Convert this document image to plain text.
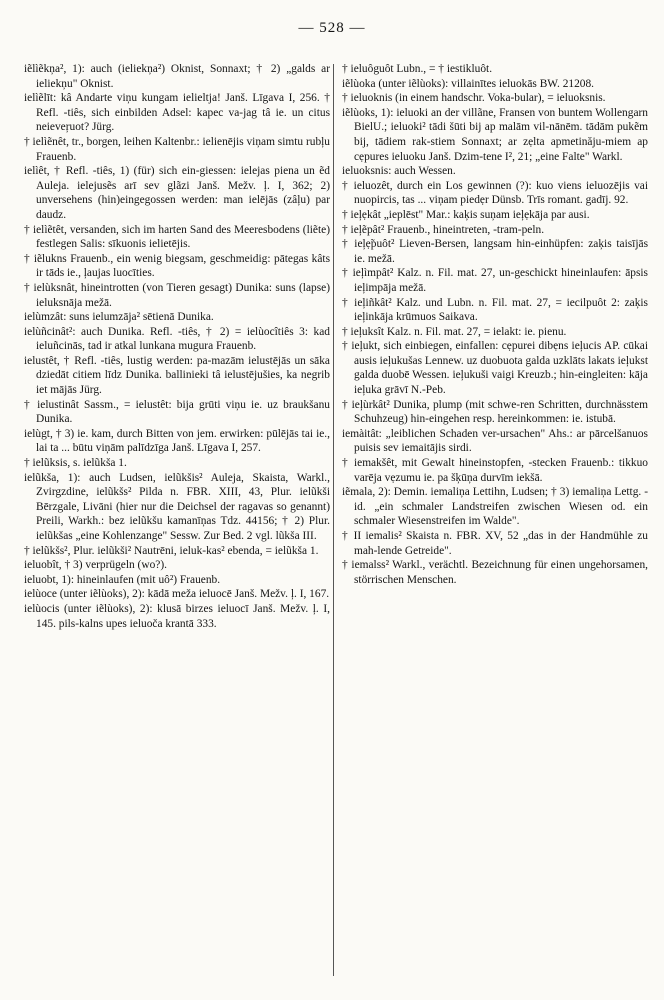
— 528 —

iẽlìẽkņa², 1): auch (ieliekņa²) Oknist, Sonnaxt; † 2) „galds ar ieliekņu" Oknist.

ielìẽlīt: kâ Andarte viņu kungam ielieltja! Janš. Līgava I, 256. † Refl. -tiês, sich einbilden Adsel: kapec va-jag tâ ie. un citus neieveŗuot? Jürg.

† ielìẽnêt, tr., borgen, leihen Kaltenbr.: ielienējis viņam simtu rubļu Frauenb.

ielìêt, † Refl. -tiês, 1) (für) sich ein-giessen: ielejas piena un ẽd Auleja. ielejusẽs arī sev glãzi Janš. Mežv. ļ. I, 362; 2) unversehens (hin)eingegossen werden: man ielējās (zâļu) par daudz.

† ielìẽtêt, versanden, sich im harten Sand des Meeresbodens (liẽte) festlegen Salis: sīkuonis ielietējis.

† iẽlukns Frauenb., ein wenig biegsam, geschmeidig: pātegas kâts ir tāds ie., ļaujas luocīties.

† ielùksnât, hineintrotten (von Tieren gesagt) Dunika: suns (lapse) ieluksnāja mežā.

ielùmzât: suns ielumzāja² sētienā Dunika.

ielùñcinât²: auch Dunika. Refl. -tiês, † 2) = ielùocîtiês 3: kad ieluñcinās, tad ir atkal lunkana mugura Frauenb.

ielustêt, † Refl. -tiês, lustig werden: pa-mazām ielustējās un sāka dziedāt citiem līdz Dunika. ballinieki tâ ielustējušies, ka negrib iet mājās Jürg.

† ielustinât Sassm., = ielustêt: bija grūti viņu ie. uz braukšanu Dunika.

ielùgt, † 3) ie. kam, durch Bitten von jem. erwirken: pūlējās tai ie., lai ta ... būtu viņām palīdzīga Janš. Līgava I, 257.

† ielũksis, s. ielũkša 1.

ielũkša, 1): auch Ludsen, ielũkšis² Auleja, Skaista, Warkl., Zvirgzdine, ielũkšs² Pilda n. FBR. XIII, 43, Plur. ielũkši Bērzgale, Livāni (hier nur die Deichsel der ragavas so genannt) Preili, Warkh.: bez ielũkšu kamanīņas Tdz. 44156; † 2) Plur. ielũkšas „eine Kohlenzange" Sessw. Zur Bed. 2 vgl. lũkša III.

† ielũkšs², Plur. ielũkši² Nautrēni, ieluk-kas² ebenda, = ielũkša 1.

ieluobît, † 3) verprügeln (wo?).

ieluobt, 1): hineinlaufen (mit uô²) Frauenb.

ielùoce (unter iẽlùoks), 2): kādā meža ieluocē Janš. Mežv. ļ. I, 167.

ielùocis (unter iẽlùoks), 2): klusā birzes ieluocī Janš. Mežv. ļ. I, 145. pils-kalns upes ieluoča krantā 333.

† ieluôguôt Lubn., = † iestikluôt.

iẽlùoka (unter iẽlùoks): villainītes ieluokās BW. 21208.

† ieluoknis (in einem handschr. Voka-bular), = ieluoksnis.

iẽlùoks, 1): ieluoki an der villãne, Fransen von buntem Wollengarn BielU.; ieluoki² tādi šūti bij ap malām vil-nānēm. tādām pukẽm bij, tādiem rak-stiem Sonnaxt; ar zẹlta apmetinăju-miem ap cẹpures ieluoku Janš. Dzim-tene I², 21; „eine Falte" Warkl.

ieluoksnis: auch Wessen.

† ieluozêt, durch ein Los gewinnen (?): kuo viens ieluozējis vai nuopircis, tas ... viņam piedẹr Dünsb. Trīs romant. gadīj. 92.

† ieļẹkât „ieplēst" Mar.: kaķis suņam ieļẹkāja par ausi.

† ieļẽpât² Frauenb., hineintreten, -tram-peln.

† ieļẹ̃puôt² Lieven-Bersen, langsam hin-einhüpfen: zaķis taisījās ie. mežā.

† ieļìmpât² Kalz. n. Fil. mat. 27, un-geschickt hineinlaufen: āpsis ieļimpāja mežā.

† ieļiñkât² Kalz. und Lubn. n. Fil. mat. 27, = iecilpuôt 2: zaķis ieļinkāja krūmuos Saikava.

† ieļuksît Kalz. n. Fil. mat. 27, = ielakt: ie. pienu.

† ieļukt, sich einbiegen, einfallen: cẹpurei dibẹns ieļucis AP. cūkai ausis ieļukušas Lennew. uz duobuota galda uzklāts lakats ieļukst galda duobē Wessen. ieļukuši vaigi Kreuzb.; hin-eingleiten: kāja ieļuka grāvī N.-Peb.

† ieļùrkât² Dunika, plump (mit schwe-ren Schritten, durchnässtem Schuhzeug) hin-eingehen resp. hereinkommen: ie. istubā.

iemàitât: „leiblichen Schaden ver-ursachen" Ahs.: ar pārcelšanuos puisis sev iemaitājis sirdi.

† iemakšêt, mit Gewalt hineinstopfen, -stecken Frauenb.: tikkuo varēja vẹzumu ie. pa šķūņa durvīm iekšā.

iẽmala, 2): Demin. iemaliņa Lettihn, Ludsen; † 3) iemaliņa Lettg. -id. „ein schmaler Landstreifen zwischen Wiesen od. ein schmaler Wiesenstreifen im Walde".

† II iemalis² Skaista n. FBR. XV, 52 „das in der Handmühle zu mah-lende Getreide".

† iemalss² Warkl., verächtl. Bezeichnung für einen ungehorsamen, störrischen Menschen.
